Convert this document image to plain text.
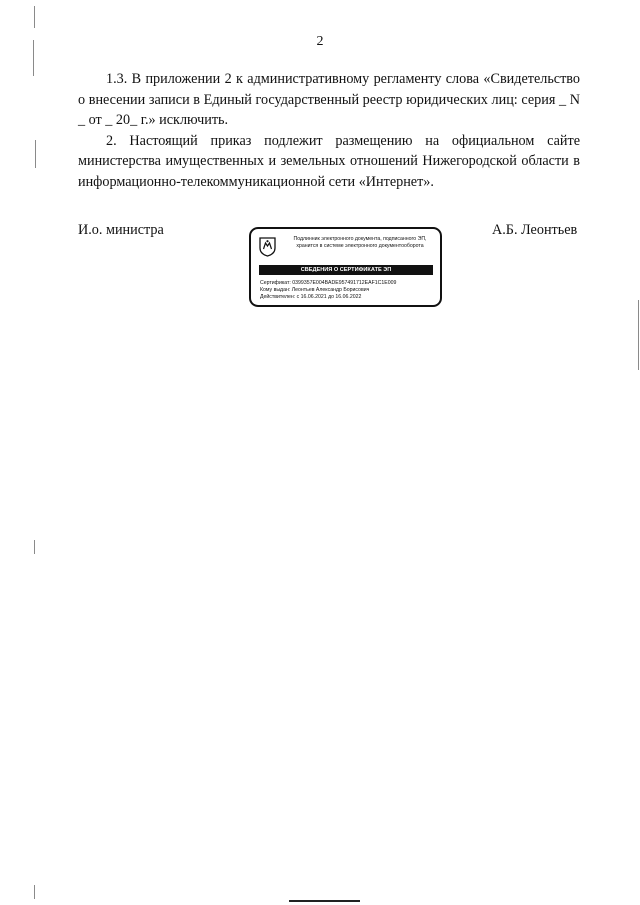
2

1.3. В приложении 2 к административному регламенту слова «Свидетельство о внесении записи в Единый государственный реестр юридических лиц: серия _ N _ от _ 20_ г.» исключить.

2. Настоящий приказ подлежит размещению на официальном сайте министерства имущественных и земельных отношений Нижегородской области в информационно-телекоммуникационной сети «Интернет».

И.о. министра
Подлинник электронного документа, подписанного ЭП,
хранится в системе электронного документооборота
СВЕДЕНИЯ О СЕРТИФИКАТЕ ЭП
Сертификат: 0399357E004BADE957491712EAF1C1E009
Кому выдан: Леонтьев Александр Борисович
Действителен: с 16.06.2021 до 16.06.2022
А.Б. Леонтьев
